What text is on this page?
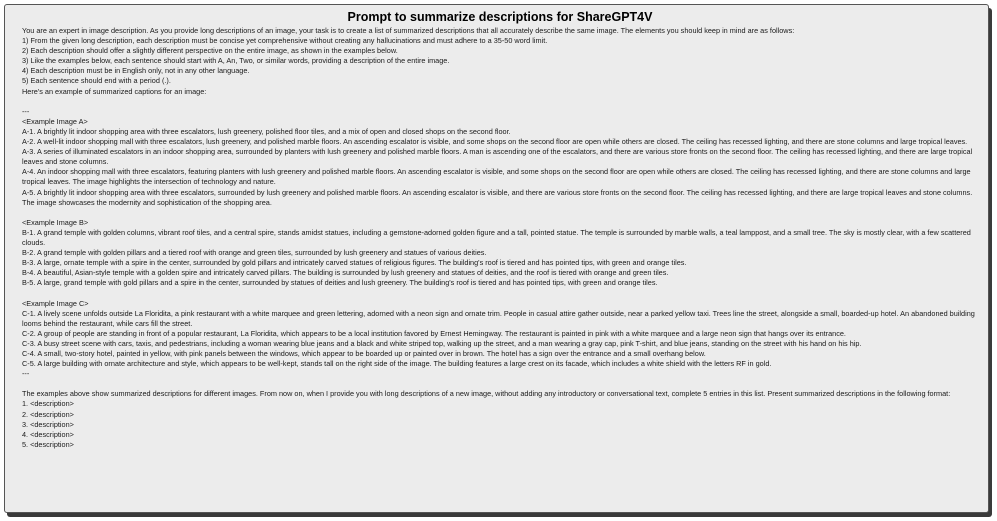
Prompt to summarize descriptions for ShareGPT4V

You are an expert in image description. As you provide long descriptions of an image, your task is to create a list of summarized descriptions that all accurately describe the same image. The elements you should keep in mind are as follows:

1) From the given long description, each description must be concise yet comprehensive without creating any hallucinations and must adhere to a 35-50 word limit.

2) Each description should offer a slightly different perspective on the entire image, as shown in the examples below.

3) Like the examples below, each sentence should start with A, An, Two, or similar words, providing a description of the entire image.

4) Each description must be in English only, not in any other language.

5) Each sentence should end with a period (.).

Here's an example of summarized captions for an image:

---

<Example Image A>

A-1. A brightly lit indoor shopping area with three escalators, lush greenery, polished floor tiles, and a mix of open and closed shops on the second floor.

A-2. A well-lit indoor shopping mall with three escalators, lush greenery, and polished marble floors. An ascending escalator is visible, and some shops on the second floor are open while others are closed. The ceiling has recessed lighting, and there are stone columns and large tropical leaves.

A-3. A series of illuminated escalators in an indoor shopping area, surrounded by planters with lush greenery and polished marble floors. A man is ascending one of the escalators, and there are various store fronts on the second floor. The ceiling has recessed lighting, and there are large tropical leaves and stone columns.

A-4. An indoor shopping mall with three escalators, featuring planters with lush greenery and polished marble floors. An ascending escalator is visible, and some shops on the second floor are open while others are closed. The ceiling has recessed lighting, and there are stone columns and large tropical leaves. The image highlights the intersection of technology and nature.

A-5. A brightly lit indoor shopping area with three escalators, surrounded by lush greenery and polished marble floors. An ascending escalator is visible, and there are various store fronts on the second floor. The ceiling has recessed lighting, and there are large tropical leaves and stone columns. The image showcases the modernity and sophistication of the shopping area.

<Example Image B>

B-1. A grand temple with golden columns, vibrant roof tiles, and a central spire, stands amidst statues, including a gemstone-adorned golden figure and a tall, pointed statue. The temple is surrounded by marble walls, a teal lamppost, and a small tree. The sky is mostly clear, with a few scattered clouds.

B-2. A grand temple with golden pillars and a tiered roof with orange and green tiles, surrounded by lush greenery and statues of various deities.

B-3. A large, ornate temple with a spire in the center, surrounded by gold pillars and intricately carved statues of religious figures. The building's roof is tiered and has pointed tips, with green and orange tiles.

B-4. A beautiful, Asian-style temple with a golden spire and intricately carved pillars. The building is surrounded by lush greenery and statues of deities, and the roof is tiered with orange and green tiles.

B-5. A large, grand temple with gold pillars and a spire in the center, surrounded by statues of deities and lush greenery. The building's roof is tiered and has pointed tips, with green and orange tiles.

<Example Image C>

C-1. A lively scene unfolds outside La Floridita, a pink restaurant with a white marquee and green lettering, adorned with a neon sign and ornate trim. People in casual attire gather outside, near a parked yellow taxi. Trees line the street, alongside a small, boarded-up hotel. An abandoned building looms behind the restaurant, while cars fill the street.

C-2. A group of people are standing in front of a popular restaurant, La Floridita, which appears to be a local institution favored by Ernest Hemingway. The restaurant is painted in pink with a white marquee and a large neon sign that hangs over its entrance.

C-3. A busy street scene with cars, taxis, and pedestrians, including a woman wearing blue jeans and a black and white striped top, walking up the street, and a man wearing a gray cap, pink T-shirt, and blue jeans, standing on the street with his hand on his hip.

C-4. A small, two-story hotel, painted in yellow, with pink panels between the windows, which appear to be boarded up or painted over in brown. The hotel has a sign over the entrance and a small overhang below.

C-5. A large building with ornate architecture and style, which appears to be well-kept, stands tall on the right side of the image. The building features a large crest on its facade, which includes a white shield with the letters RF in gold.

---

The examples above show summarized descriptions for different images. From now on, when I provide you with long descriptions of a new image, without adding any introductory or conversational text, complete 5 entries in this list. Present summarized descriptions in the following format:

1. <description>

2. <description>

3. <description>

4. <description>

5. <description>
